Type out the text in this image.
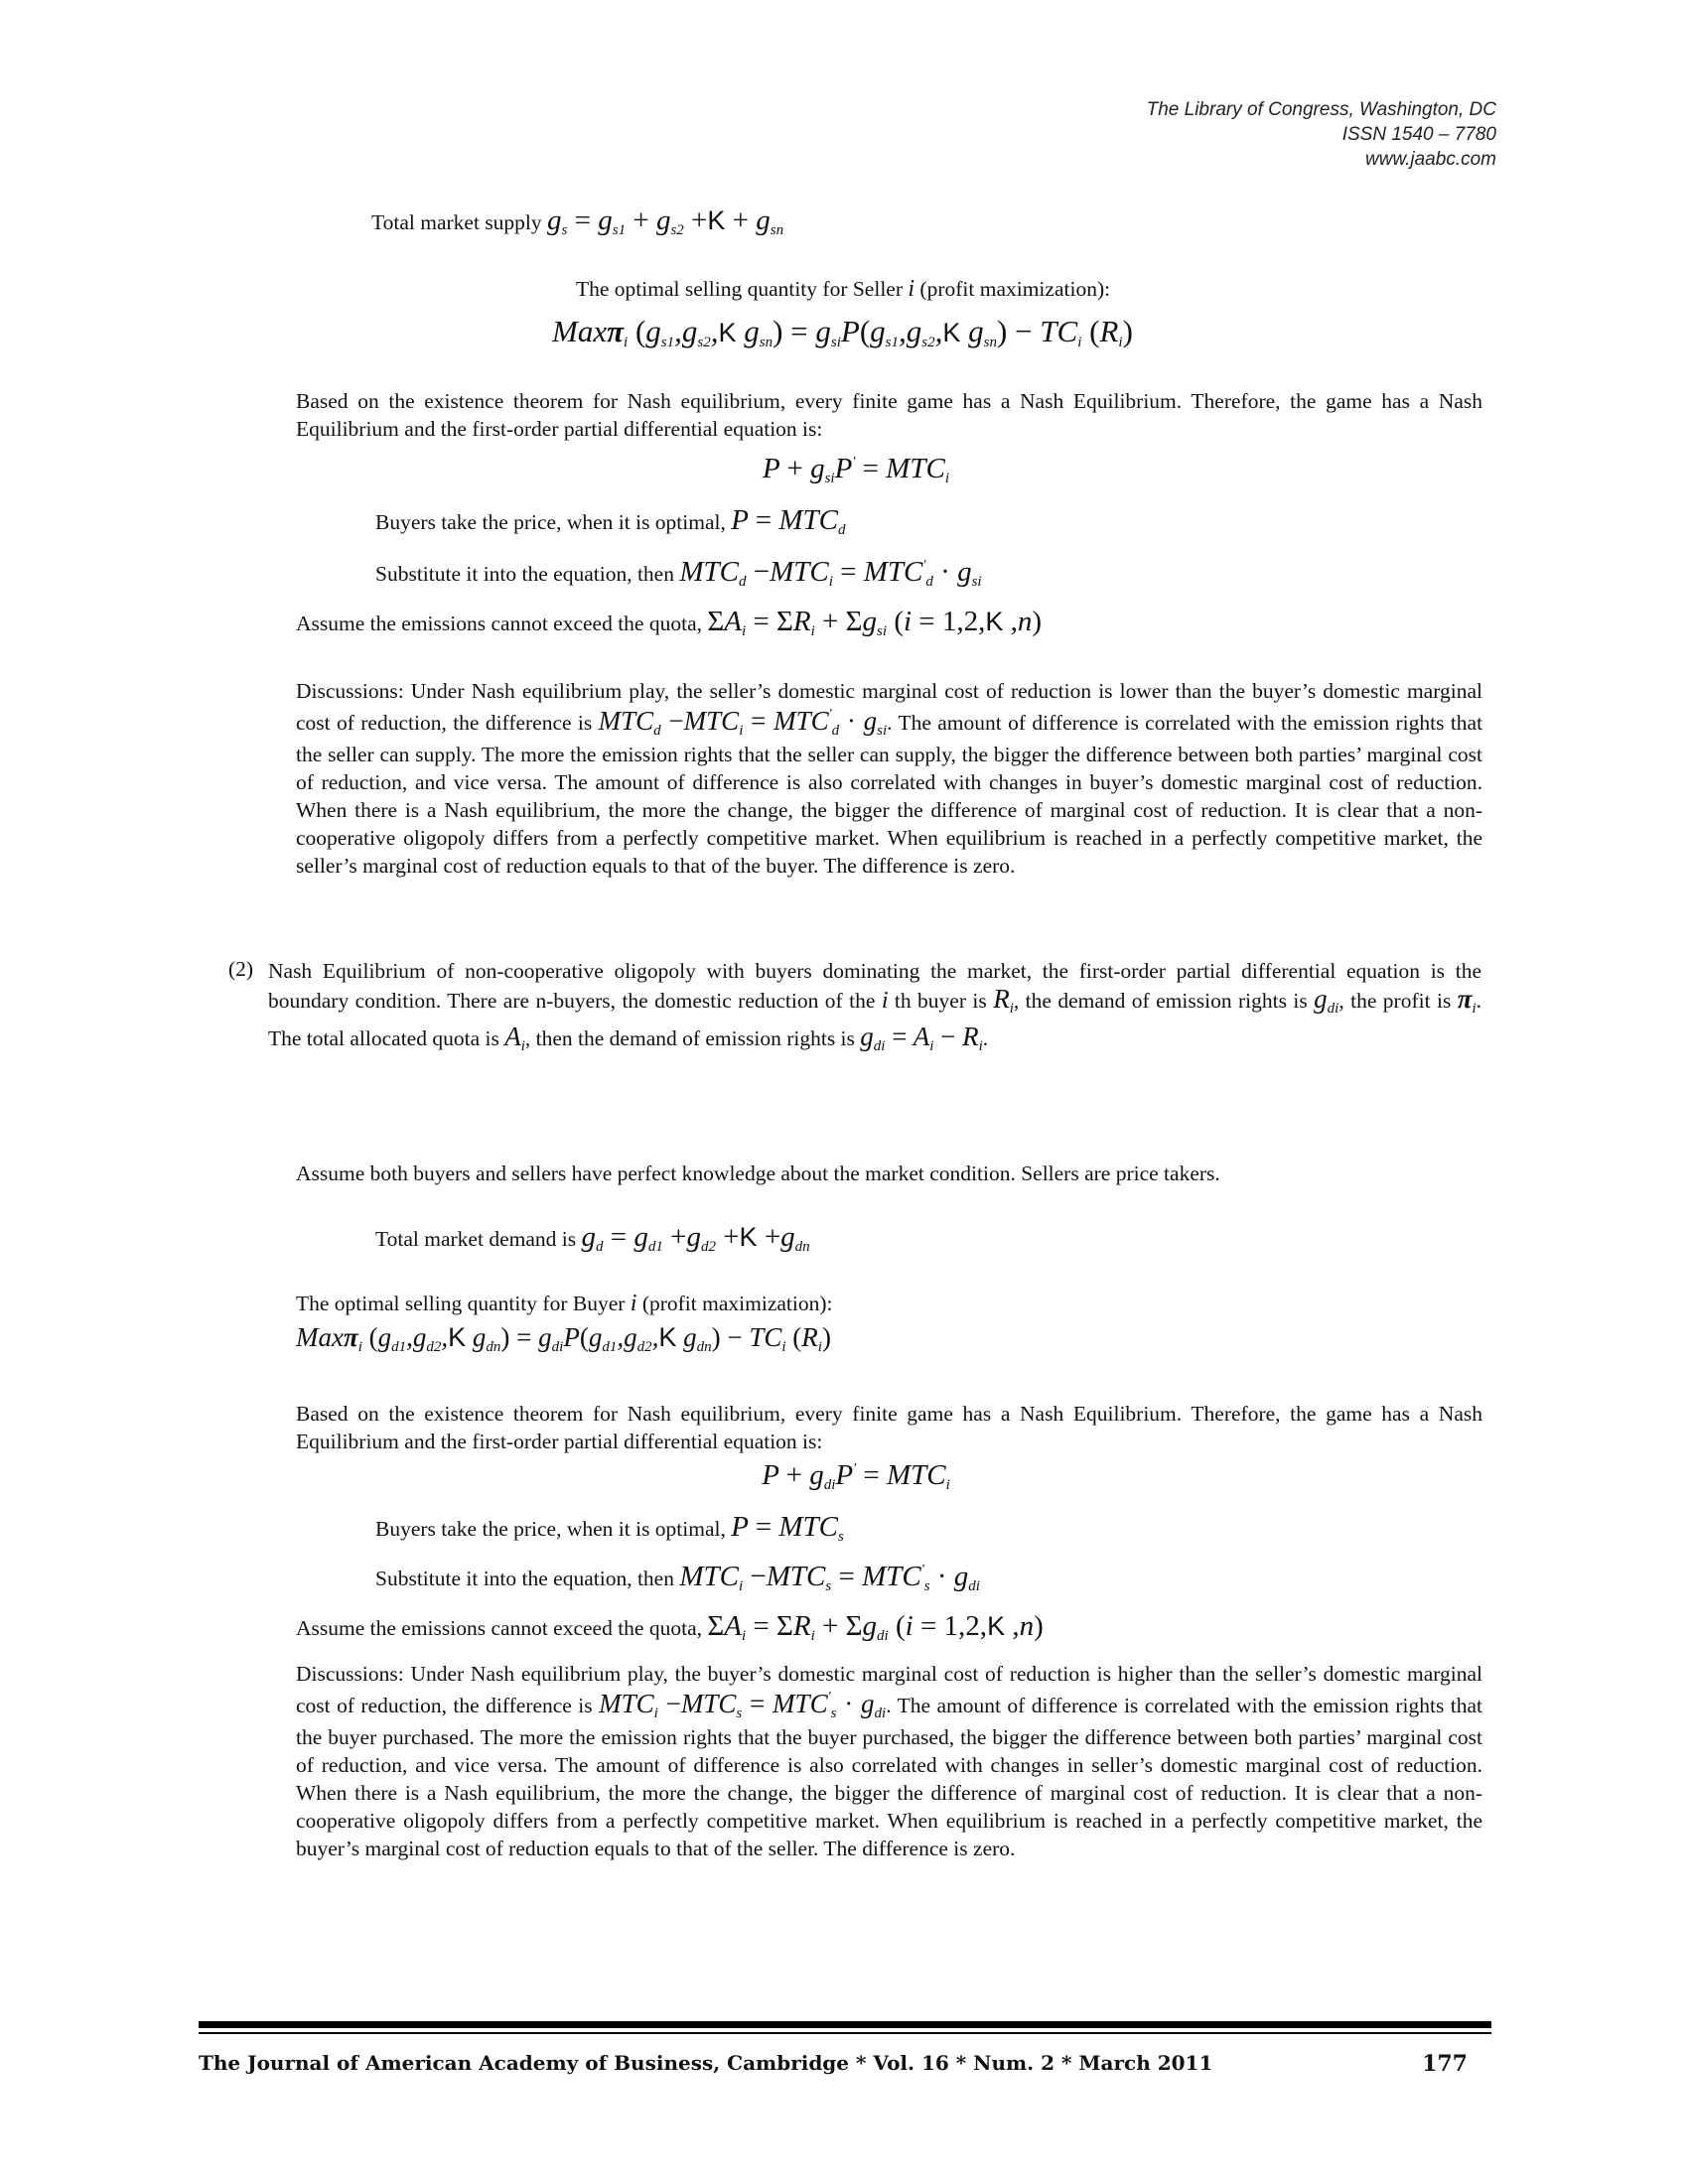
The Library of Congress, Washington, DC
ISSN 1540 – 7780
www.jaabc.com
Total market supply $g_s = g_{s1} + g_{s2} +K + g_{sn}$
The optimal selling quantity for Seller i (profit maximization):
Maxπ$_i$ ($g_{s1},g_{s2},K$ $g_{sn}) = g_{si}P(g_{s1},g_{s2},K$ $g_{sn}) - TC_i$ $(R_i)$
Based on the existence theorem for Nash equilibrium, every finite game has a Nash Equilibrium. Therefore, the game has a Nash Equilibrium and the first-order partial differential equation is:
$P + g_{si}P' = MTC_i$
Buyers take the price, when it is optimal, $P = MTC_d$
Substitute it into the equation, then $MTC_d -MTC_i = MTC'_d \cdot g_{si}$
Assume the emissions cannot exceed the quota, $\Sigma A_i = \Sigma R_i + \Sigma g_{si}$ (i = 1,2,K ,n)
Discussions: Under Nash equilibrium play, the seller’s domestic marginal cost of reduction is lower than the buyer’s domestic marginal cost of reduction, the difference is $MTC_d -MTC_i = MTC'_d \cdot g_{si}$. The amount of difference is correlated with the emission rights that the seller can supply. The more the emission rights that the seller can supply, the bigger the difference between both parties’ marginal cost of reduction, and vice versa. The amount of difference is also correlated with changes in buyer’s domestic marginal cost of reduction. When there is a Nash equilibrium, the more the change, the bigger the difference of marginal cost of reduction. It is clear that a non-cooperative oligopoly differs from a perfectly competitive market. When equilibrium is reached in a perfectly competitive market, the seller’s marginal cost of reduction equals to that of the buyer. The difference is zero.
(2) Nash Equilibrium of non-cooperative oligopoly with buyers dominating the market, the first-order partial differential equation is the boundary condition. There are n-buyers, the domestic reduction of the i th buyer is $R_i$, the demand of emission rights is $g_{di}$, the profit is $\pi_i$. The total allocated quota is $A_i$, then the demand of emission rights is $g_{di} = A_i - R_i$.
Assume both buyers and sellers have perfect knowledge about the market condition. Sellers are price takers.
Total market demand is $g_d = g_{d1} +g_{d2} +K +g_{dn}$
The optimal selling quantity for Buyer i (profit maximization):
Maxπ$_i$ ($g_{d1},g_{d2},K$ $g_{dn}) = g_{di}P(g_{d1},g_{d2},K$ $g_{dn}) - TC_i$ $(R_i)$
Based on the existence theorem for Nash equilibrium, every finite game has a Nash Equilibrium. Therefore, the game has a Nash Equilibrium and the first-order partial differential equation is:
$P + g_{di}P' = MTC_i$
Buyers take the price, when it is optimal, $P = MTC_s$
Substitute it into the equation, then $MTC_i -MTC_s = MTC'_s \cdot g_{di}$
Assume the emissions cannot exceed the quota, $\Sigma A_i = \Sigma R_i + \Sigma g_{di}$ (i = 1,2,K ,n)
Discussions: Under Nash equilibrium play, the buyer’s domestic marginal cost of reduction is higher than the seller’s domestic marginal cost of reduction, the difference is $MTC_i -MTC_s = MTC'_s \cdot g_{di}$. The amount of difference is correlated with the emission rights that the buyer purchased. The more the emission rights that the buyer purchased, the bigger the difference between both parties’ marginal cost of reduction, and vice versa. The amount of difference is also correlated with changes in seller’s domestic marginal cost of reduction. When there is a Nash equilibrium, the more the change, the bigger the difference of marginal cost of reduction. It is clear that a non-cooperative oligopoly differs from a perfectly competitive market. When equilibrium is reached in a perfectly competitive market, the buyer’s marginal cost of reduction equals to that of the seller. The difference is zero.
The Journal of American Academy of Business, Cambridge * Vol. 16 * Num. 2 * March 2011	177
